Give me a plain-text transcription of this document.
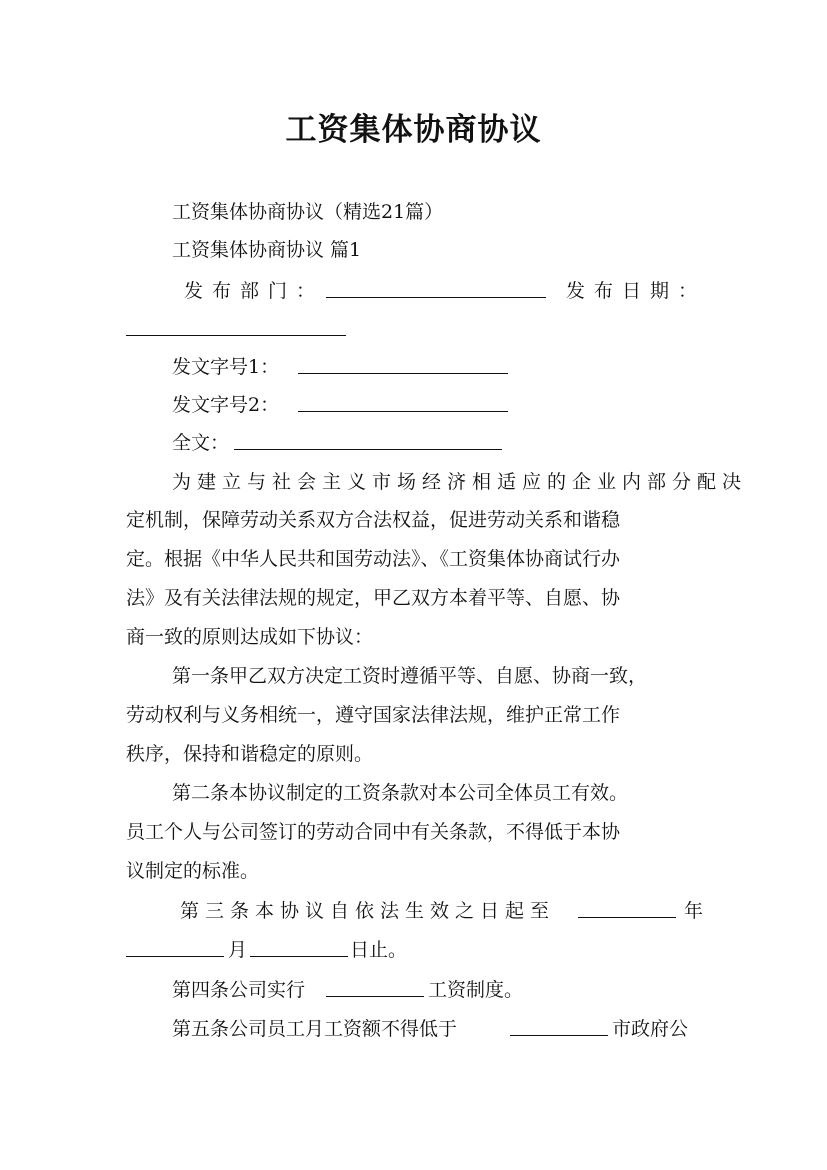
工资集体协商协议
工资集体协商协议（精选21篇）
工资集体协商协议 篇1
发布部门：	发布日期：
发文字号1：
发文字号2：
全文：
为建立与社会主义市场经济相适应的企业内部分配决
定机制，保障劳动关系双方合法权益，促进劳动关系和谐稳
定。根据《中华人民共和国劳动法》、《工资集体协商试行办
法》及有关法律法规的规定，甲乙双方本着平等、自愿、协
商一致的原则达成如下协议：
第一条甲乙双方决定工资时遵循平等、自愿、协商一致，
劳动权利与义务相统一，遵守国家法律法规，维护正常工作
秩序，保持和谐稳定的原则。
第二条本协议制定的工资条款对本公司全体员工有效。
员工个人与公司签订的劳动合同中有关条款，不得低于本协
议制定的标准。
第三条本协议自依法生效之日起至	年
月	日止。
第四条公司实行	工资制度。
第五条公司员工月工资额不得低于	市政府公
